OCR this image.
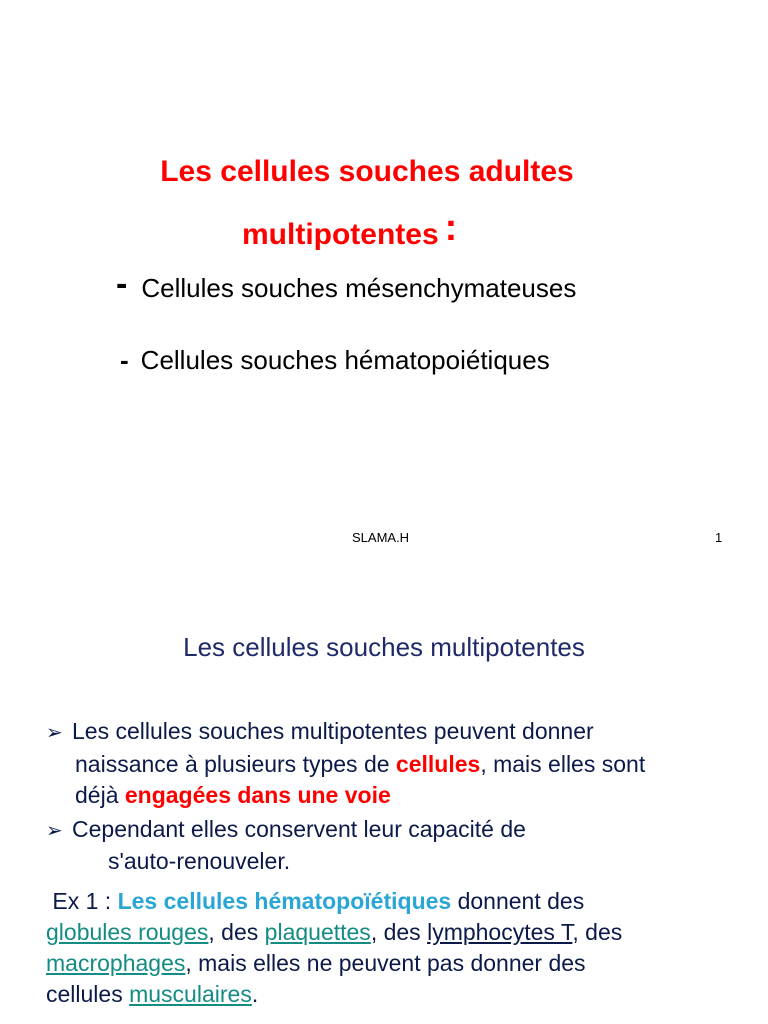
Les cellules souches adultes
multipotentes :
- Cellules souches mésenchymateuses
- Cellules souches hématopoiétiques
SLAMA.H	1
Les cellules souches multipotentes
➢ Les cellules souches multipotentes peuvent donner
naissance à plusieurs types de cellules, mais elles sont
déjà engagées dans une voie
➢ Cependant elles conservent leur capacité de
s'auto-renouveler.
Ex 1 : Les cellules hématopoïétiques donnent des
globules rouges, des plaquettes, des lymphocytes T, des
macrophages, mais elles ne peuvent pas donner des
cellules musculaires.
